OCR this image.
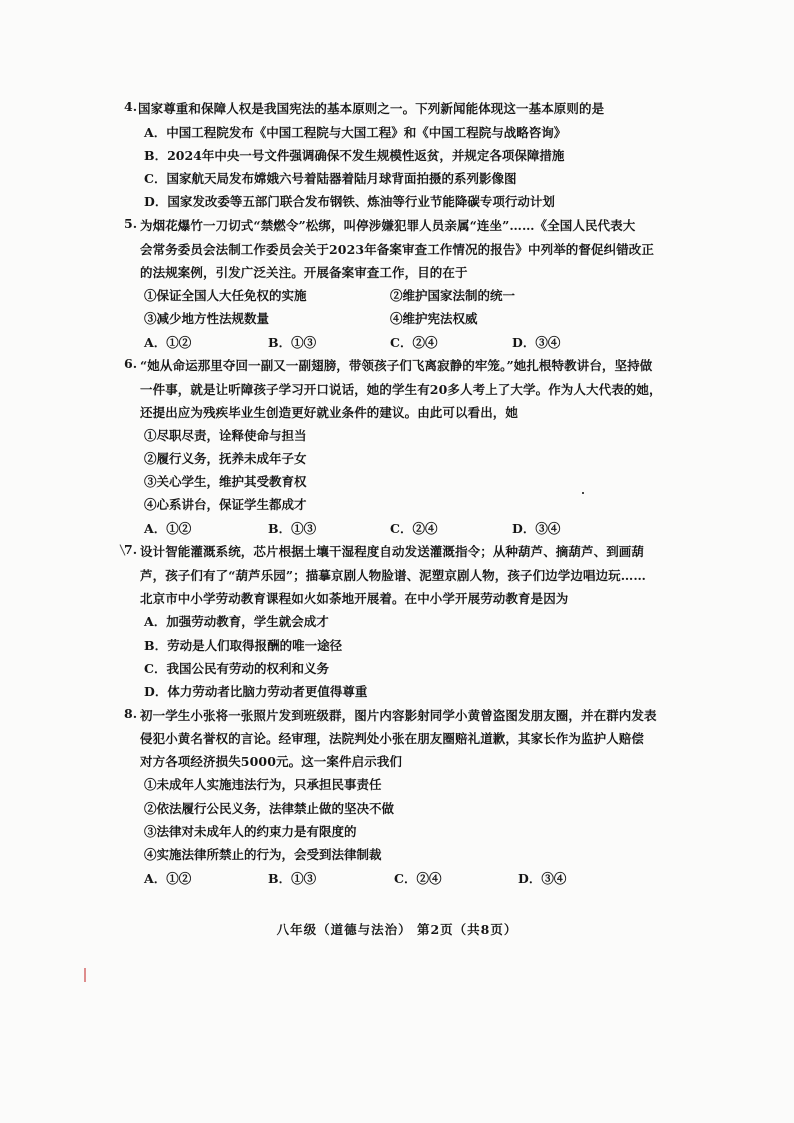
4. 国家尊重和保障人权是我国宪法的基本原则之一。下列新闻能体现这一基本原则的是
A．中国工程院发布《中国工程院与大国工程》和《中国工程院与战略咨询》
B．2024年中央一号文件强调确保不发生规模性返贫，并规定各项保障措施
C．国家航天局发布嫦娥六号着陆器着陆月球背面拍摄的系列影像图
D．国家发改委等五部门联合发布钢铁、炼油等行业节能降碳专项行动计划
5. 为烟花爆竹一刀切式“禁燃令”松绑，叫停涉嫌犯罪人员亲属“连坐”……《全国人民代表大
会常务委员会法制工作委员会关于2023年备案审查工作情况的报告》中列举的督促纠错改正
的法规案例，引发广泛关注。开展备案审查工作，目的在于
①保证全国人大任免权的实施	②维护国家法制的统一
③减少地方性法规数量	④维护宪法权威
A．①②	B．①③	C．②④	D．③④
6. “她从命运那里夺回一副又一副翅膀，带领孩子们飞离寂静的牢笼。”她扎根特教讲台，坚持做
一件事，就是让听障孩子学习开口说话，她的学生有20多人考上了大学。作为人大代表的她，
还提出应为残疾毕业生创造更好就业条件的建议。由此可以看出，她
①尽职尽责，诠释使命与担当
②履行义务，抚养未成年子女
③关心学生，维护其受教育权
④心系讲台，保证学生都成才
A．①②	B．①③	C．②④	D．③④
7. 设计智能灌溉系统，芯片根据土壤干湿程度自动发送灌溉指令；从种葫芦、摘葫芦、到画葫
芦，孩子们有了“葫芦乐园”；描摹京剧人物脸谱、泥塑京剧人物，孩子们边学边唱边玩……
北京市中小学劳动教育课程如火如荼地开展着。在中小学开展劳动教育是因为
A．加强劳动教育，学生就会成才
B．劳动是人们取得报酬的唯一途径
C．我国公民有劳动的权利和义务
D．体力劳动者比脑力劳动者更值得尊重
8. 初一学生小张将一张照片发到班级群，图片内容影射同学小黄曾盗图发朋友圈，并在群内发表
侵犯小黄名誉权的言论。经审理，法院判处小张在朋友圈赔礼道歉，其家长作为监护人赔偿
对方各项经济损失5000元。这一案件启示我们
①未成年人实施违法行为，只承担民事责任
②依法履行公民义务，法律禁止做的坚决不做
③法律对未成年人的约束力是有限度的
④实施法律所禁止的行为，会受到法律制裁
A．①②	B．①③	C．②④	D．③④
八年级（道德与法治） 第2页（共8页）
